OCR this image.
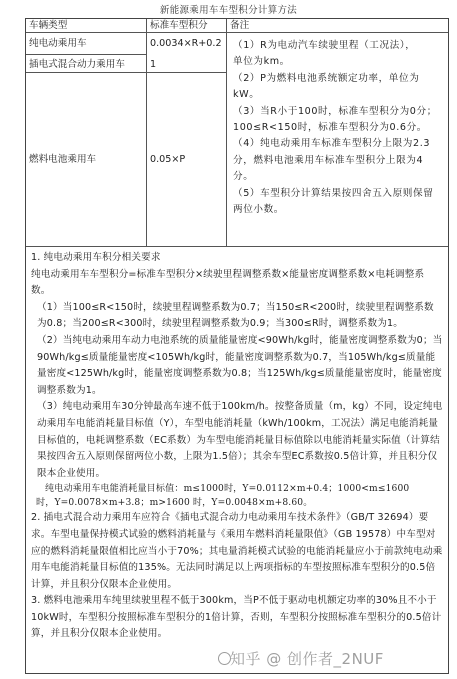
新能源乘用车车型积分计算方法
车辆类型	标准车型积分	备注
纯电动乘用车	0.0034×R+0.2
插电式混合动力乘用车	1
燃料电池乘用车	0.05×P

（1）R为电动汽车续驶里程（工况法），

单位为km。

（2）P为燃料电池系统额定功率，单位为kW。

（3）当R小于100时，标准车型积分为0分；100≤R<150时，标准车型积分为0.6分。

（4）纯电动乘用车标准车型积分上限为2.3分，燃料电池乘用车标准车型积分上限为4分。

（5）车型积分计算结果按四舍五入原则保留两位小数。

1. 纯电动乘用车积分相关要求

纯电动乘用车车型积分=标准车型积分×续驶里程调整系数×能量密度调整系数×电耗调整系数。

（1）当100≤R<150时，续驶里程调整系数为0.7；当150≤R<200时，续驶里程调整系数为0.8；当200≤R<300时，续驶里程调整系数为0.9；当300≤R时，调整系数为1。

（2）当纯电动乘用车动力电池系统的质量能量密度<90Wh/kg时，能量密度调整系数为0；当90Wh/kg≤质量能量密度<105Wh/kg时，能量密度调整系数为0.7，当105Wh/kg≤质量能量密度<125Wh/kg时，能量密度调整系数为0.8；当125Wh/kg≤质量能量密度时，能量密度调整系数为1。

（3）纯电动乘用车30分钟最高车速不低于100km/h。按整备质量（m，kg）不同，设定纯电动乘用车电能消耗量目标值（Y），车型电能消耗量（kWh/100km，工况法）满足电能消耗量目标值的，电耗调整系数（EC系数）为车型电能消耗量目标值除以电能消耗量实际值（计算结果按四舍五入原则保留两位小数，上限为1.5倍）；其余车型EC系数按0.5倍计算，并且积分仅限本企业使用。

纯电动乘用车电能消耗量目标值：m≤1000时，Y=0.0112×m+0.4；1000<m≤1600

时，Y=0.0078×m+3.8；m>1600 时，Y=0.0048×m+8.60。

2. 插电式混合动力乘用车应符合《插电式混合动力电动乘用车技术条件》（GB/T 32694）要求。车型电量保持模式试验的燃料消耗量与《乘用车燃料消耗量限值》（GB 19578）中车型对应的燃料消耗量限值相比应当小于70%；其电量消耗模式试验的电能消耗量应小于前款纯电动乘用车电能消耗量目标值的135%。无法同时满足以上两项指标的车型按照标准车型积分的0.5倍计算，并且积分仅限本企业使用。

3. 燃料电池乘用车纯里续驶里程不低于300km，当P不低于驱动电机额定功率的30%且不小于10kW时，车型积分按照标准车型积分的1倍计算，否则，车型积分按照标准车型积分的0.5倍计算，并且积分仅限本企业使用。

知乎 @ 创作者_2NUF
